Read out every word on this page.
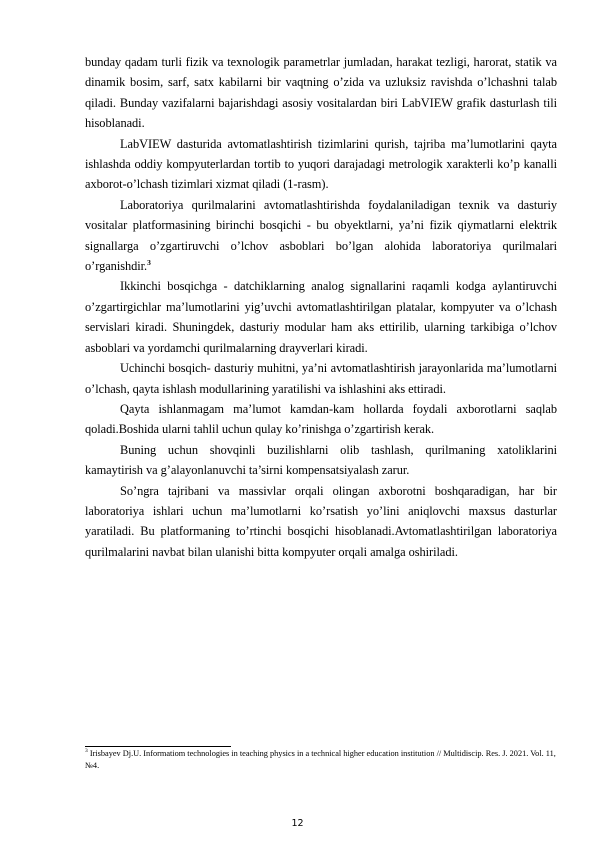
bunday qadam turli fizik va texnologik parametrlar jumladan, harakat tezligi, harorat, statik va dinamik bosim, sarf, satx kabilarni bir vaqtning o’zida va uzluksiz ravishda o’lchashni talab qiladi. Bunday vazifalarni bajarishdagi asosiy vositalardan biri LabVIEW grafik dasturlash tili hisoblanadi.

LabVIEW dasturida avtomatlashtirish tizimlarini qurish, tajriba ma’lumotlarini qayta ishlashda oddiy kompyuterlardan tortib to yuqori darajadagi metrologik xarakterli ko’p kanalli axborot-o’lchash tizimlari xizmat qiladi (1-rasm).

Laboratoriya qurilmalarini avtomatlashtirishda foydalaniladigan texnik va dasturiy vositalar platformasining birinchi bosqichi - bu obyektlarni, ya’ni fizik qiymatlarni elektrik signallarga o’zgartiruvchi o’lchov asboblari bo’lgan alohida laboratoriya qurilmalari o’rganishdir.$^3$

Ikkinchi bosqichga - datchiklarning analog signallarini raqamli kodga aylantiruvchi o’zgartirgichlar ma’lumotlarini yig’uvchi avtomatlashtirilgan platalar, kompyuter va o’lchash servislari kiradi. Shuningdek, dasturiy modular ham aks ettirilib, ularning tarkibiga o’lchov asboblari va yordamchi qurilmalarning drayverlari kiradi.

Uchinchi bosqich- dasturiy muhitni, ya’ni avtomatlashtirish jarayonlarida ma’lumotlarni o’lchash, qayta ishlash modullarining yaratilishi va ishlashini aks ettiradi.

Qayta ishlanmagam ma’lumot kamdan-kam hollarda foydali axborotlarni saqlab qoladi.Boshida ularni tahlil uchun qulay ko’rinishga o’zgartirish kerak.

Buning uchun shovqinli buzilishlarni olib tashlash, qurilmaning xatoliklarini kamaytirish va g’alayonlanuvchi ta’sirni kompensatsiyalash zarur.

So’ngra tajribani va massivlar orqali olingan axborotni boshqaradigan, har bir laboratoriya ishlari uchun ma’lumotlarni ko’rsatish yo’lini aniqlovchi maxsus dasturlar yaratiladi. Bu platformaning to’rtinchi bosqichi hisoblanadi.Avtomatlashtirilgan laboratoriya qurilmalarini navbat bilan ulanishi bitta kompyuter orqali amalga oshiriladi.

$^3$ Irisbayev Dj.U. Informatiom technologies in teaching physics in a technical higher education institution // Multidiscip. Res. J. 2021. Vol. 11, №4.
12
